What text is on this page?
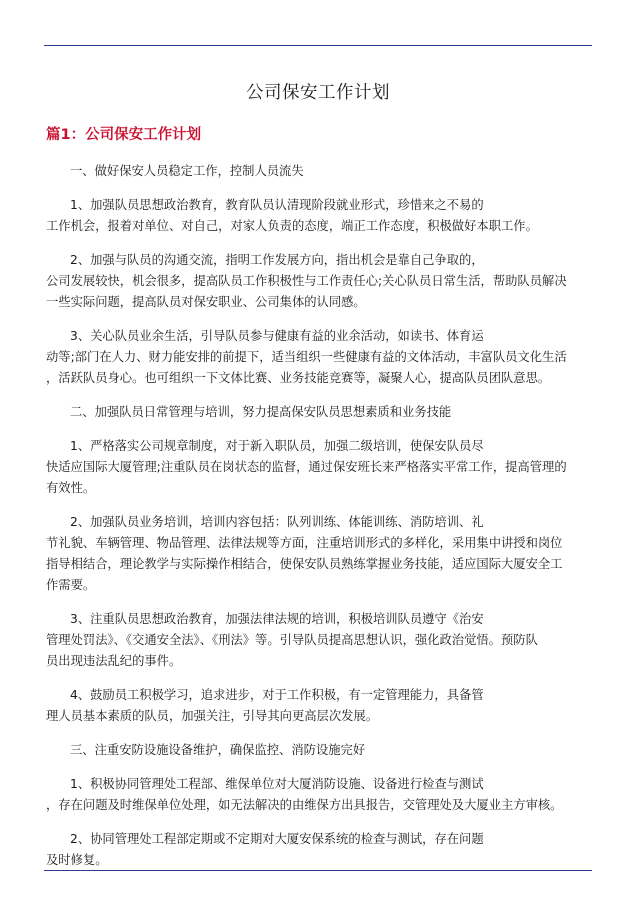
公司保安工作计划
篇1：公司保安工作计划

一、做好保安人员稳定工作，控制人员流失

1、加强队员思想政治教育，教育队员认清现阶段就业形式，珍惜来之不易的
工作机会，报着对单位、对自己，对家人负责的态度，端正工作态度，积极做好本职工作。

2、加强与队员的沟通交流，指明工作发展方向，指出机会是靠自己争取的，
公司发展较快，机会很多，提高队员工作积极性与工作责任心;关心队员日常生活，帮助队员解决
一些实际问题，提高队员对保安职业、公司集体的认同感。

3、关心队员业余生活，引导队员参与健康有益的业余活动，如读书、体育运
动等;部门在人力、财力能安排的前提下，适当组织一些健康有益的文体活动，丰富队员文化生活
，活跃队员身心。也可组织一下文体比赛、业务技能竞赛等，凝聚人心，提高队员团队意思。

二、加强队员日常管理与培训，努力提高保安队员思想素质和业务技能

1、严格落实公司规章制度，对于新入职队员，加强二级培训，使保安队员尽
快适应国际大厦管理;注重队员在岗状态的监督，通过保安班长来严格落实平常工作，提高管理的
有效性。

2、加强队员业务培训，培训内容包括：队列训练、体能训练、消防培训、礼
节礼貌、车辆管理、物品管理、法律法规等方面，注重培训形式的多样化，采用集中讲授和岗位
指导相结合，理论教学与实际操作相结合，使保安队员熟练掌握业务技能，适应国际大厦安全工
作需要。

3、注重队员思想政治教育，加强法律法规的培训，积极培训队员遵守《治安
管理处罚法》、《交通安全法》、《刑法》等。引导队员提高思想认识，强化政治觉悟。预防队
员出现违法乱纪的事件。

4、鼓励员工积极学习，追求进步，对于工作积极，有一定管理能力，具备管
理人员基本素质的队员，加强关注，引导其向更高层次发展。

三、注重安防设施设备维护，确保监控、消防设施完好

1、积极协同管理处工程部、维保单位对大厦消防设施、设备进行检查与测试
，存在问题及时维保单位处理，如无法解决的由维保方出具报告，交管理处及大厦业主方审核。

2、协同管理处工程部定期或不定期对大厦安保系统的检查与测试，存在问题
及时修复。
